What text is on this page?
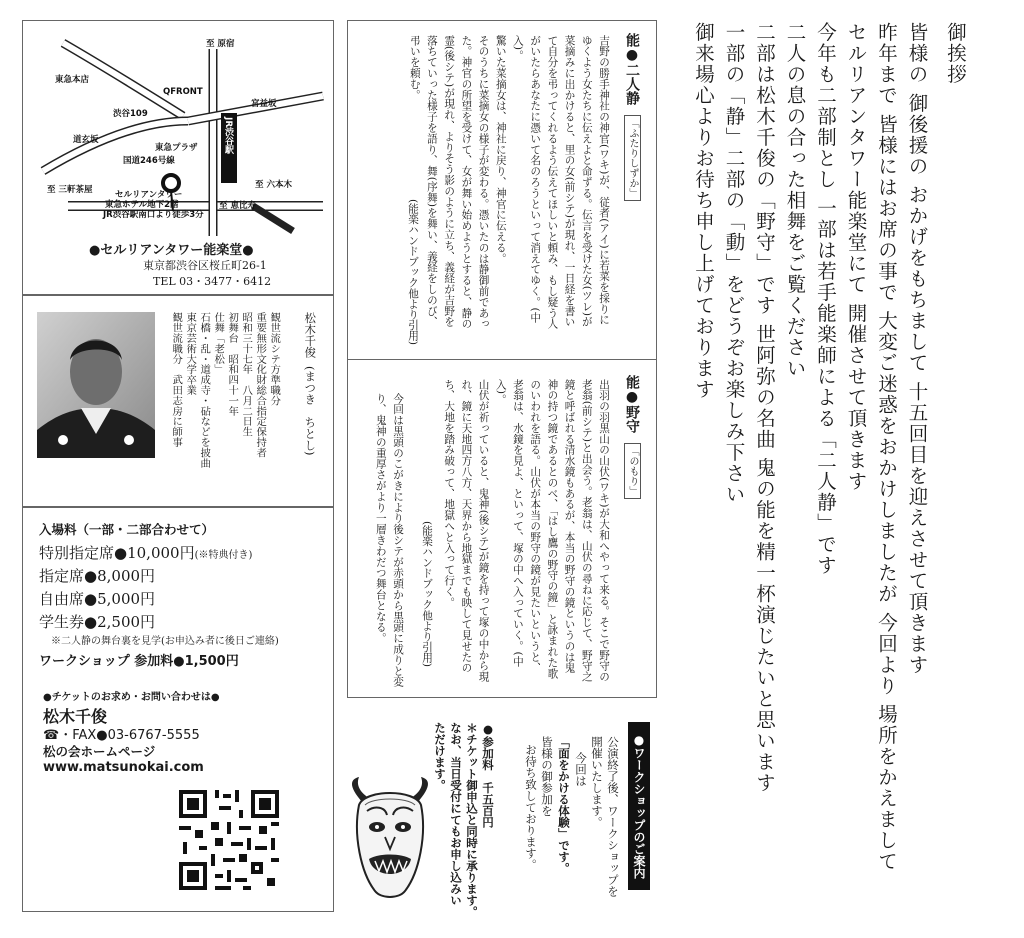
御挨拶
皆様の 御後援の おかげをもちまして 十五回目を迎えさせて頂きます
昨年まで 皆様にはお席の事で 大変ご迷惑をおかけしましたが 今回より 場所をかえまして
セルリアンタワー能楽堂にて 開催させて頂きます
今年も二部制とし 一部は若手能楽師による「二人静」です
二人の息の合った相舞をご覧ください
二部は松木千俊の「野守」です 世阿弥の名曲 鬼の能を精一杯演じたいと思います
一部の「静」二部の「動」をどうぞお楽しみ下さい
御来場心よりお待ち申し上げております
能●二人静「ふたりしずか」

吉野の勝手神社の神官(ワキ)が、従者(アイ)に若菜を採りにゆくよう女たちに伝えよと命ずる。伝言を受けた女(ツレ)が菜摘みに出かけると、里の女(前シテ)が現れ、一日経を書いて自分を弔ってくれるよう伝えてほしいと頼み、もし疑う人がいたらあなたに憑いて名のろうといって消えてゆく。(中入)。

驚いた菜摘女は、神社に戻り、神官に伝える。

そのうちに菜摘女の様子が変わる。憑いたのは静御前であった。神官の所望を受けて、女が舞い始めようとすると、静の霊(後シテ)が現れ、よりそう影のように立ち、義経が吉野を落ちていった様子を語り、舞(序舞)を舞い、義経をしのび、弔いを頼む。

(能楽ハンドブック他より引用)
能●野守「のもり」

出羽の羽黒山の山伏(ワキ)が大和へやって来る。そこで野守の老翁(前シテ)と出会う。老翁は、山伏の尋ねに応じて、野守之鏡と呼ばれる清水鏡もあるが、本当の野守の鏡というのは鬼神の持つ鏡であるとのべ、「はし鷹の野守の鏡」と詠まれた歌のいわれを語る。山伏が本当の野守の鏡が見たいというと、老翁は、水鏡を見よ、といって、塚の中へ入っていく。(中入)。

山伏が祈っていると、鬼神(後シテ)が鏡を持って塚の中から現れ、鏡に天地四方八方、天界から地獄までも映して見せたのち、大地を踏み破って、地獄へと入って行く。

(能楽ハンドブック他より引用)

今回は黒頭のこがきにより後シテが赤頭から黒頭に成りと変り、鬼神の重厚さがより一層きわだつ舞台となる。

●ワークショップのご案内
公演終了後、ワークショップを
開催いたします。
今回は
「面をかける体験」です。
皆様の御参加を
お待ち致しております。
●参加料　千五百円
＊チケット御申込と同時に承ります。
なお、当日受付にてもお申し込みい
ただけます。
至 原宿
東急本店
QFRONT
宮益坂
渋谷109
道玄坂
東急プラザ
国道246号線
JR渋谷駅
至 三軒茶屋	至 六本木
至 恵比寿
セルリアンタワー
東急ホテル地下2階
JR渋谷駅南口より徒歩3分
●セルリアンタワー能楽堂●
東京都渋谷区桜丘町26-1
TEL 03・3477・6412
松木千俊(まつき　ちとし)
観世流シテ方準職分
重要無形文化財総合指定保持者
昭和三十七年　八月二日生
初舞台　昭和四十一年
仕舞「老松」
石橋・乱・道成寺・砧などを披曲
東京芸術大学卒業
観世流職分　武田志房に師事
入場料（一部・二部合わせて）
特別指定席●10,000円(※特典付き)
指定席●8,000円
自由席●5,000円
学生券●2,500円
※二人静の舞台裏を見学(お申込み者に後日ご連絡)
ワークショップ 参加料●1,500円
●チケットのお求め・お問い合わせは●
松木千俊
☎・FAX●03-6767-5555
松の会ホームページ
www.matsunokai.com
